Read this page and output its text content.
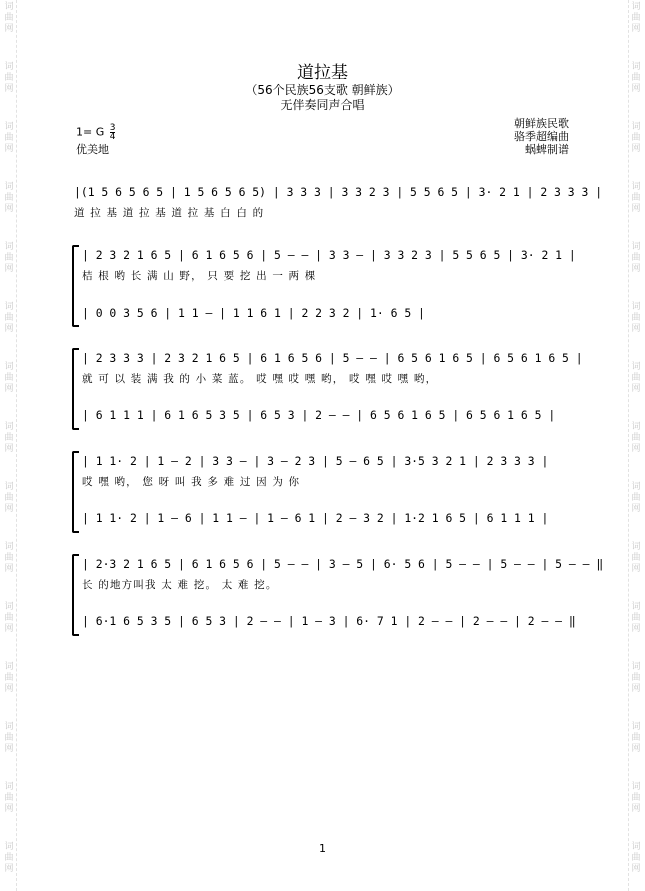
词
曲
网
词
曲
网
词
曲
网
词
曲
网
词
曲
网
词
曲
网
词
曲
网
词
曲
网
词
曲
网
词
曲
网
词
曲
网
词
曲
网
词
曲
网
词
曲
网
词
曲
网
词
曲
网
词
曲
网
词
曲
网
词
曲
网
词
曲
网
词
曲
网
词
曲
网
词
曲
网
词
曲
网
词
曲
网
词
曲
网
词
曲
网
词
曲
网
词
曲
网
词
曲
网
道拉基
（56个民族56支歌 朝鲜族）
无伴奏同声合唱
1= G $\frac{3}{4}$
优美地
朝鲜族民歌
骆季超编曲
蜗蜱制谱
|(1 5 6 5 6 5 | 1 5 6 5 6 5) | 3 3 3 | 3 3 2 3 | 5 5 6 5 | 3· 2 1 | 2 3 3 3 |
道 拉 基 道 拉 基 道 拉 基 白 白 的
| 2 3 2 1 6 5 | 6 1 6 5 6 | 5 — — | 3 3 — | 3 3 2 3 | 5 5 6 5 | 3· 2 1 |
桔 根 哟 长 满 山 野， 只 要 挖 出 一 两 棵
| 0 0 3 5 6 | 1 1 — | 1 1 6 1 | 2 2 3 2 | 1· 6 5 |
| 2 3 3 3 | 2 3 2 1 6 5 | 6 1 6 5 6 | 5 — — | 6 5 6 1 6 5 | 6 5 6 1 6 5 |
就 可 以 装 满 我 的 小 菜 蓝。 哎 嘿 哎 嘿 哟， 哎 嘿 哎 嘿 哟，
| 6 1 1 1 | 6 1 6 5 3 5 | 6 5 3 | 2 — — | 6 5 6 1 6 5 | 6 5 6 1 6 5 |
| 1 1· 2 | 1 — 2 | 3 3 — | 3 — 2 3 | 5 — 6 5 | 3·5 3 2 1 | 2 3 3 3 |
哎 嘿 哟， 您 呀 叫 我 多 难 过 因 为 你
| 1 1· 2 | 1 — 6 | 1 1 — | 1 — 6 1 | 2 — 3 2 | 1·2 1 6 5 | 6 1 1 1 |
| 2·3 2 1 6 5 | 6 1 6 5 6 | 5 — — | 3 — 5 | 6· 5 6 | 5 — — | 5 — — | 5 — — ‖
长 的地方叫我 太 难 挖。 太 难 挖。
| 6·1 6 5 3 5 | 6 5 3 | 2 — — | 1 — 3 | 6· 7 1 | 2 — — | 2 — — | 2 — — ‖
1
